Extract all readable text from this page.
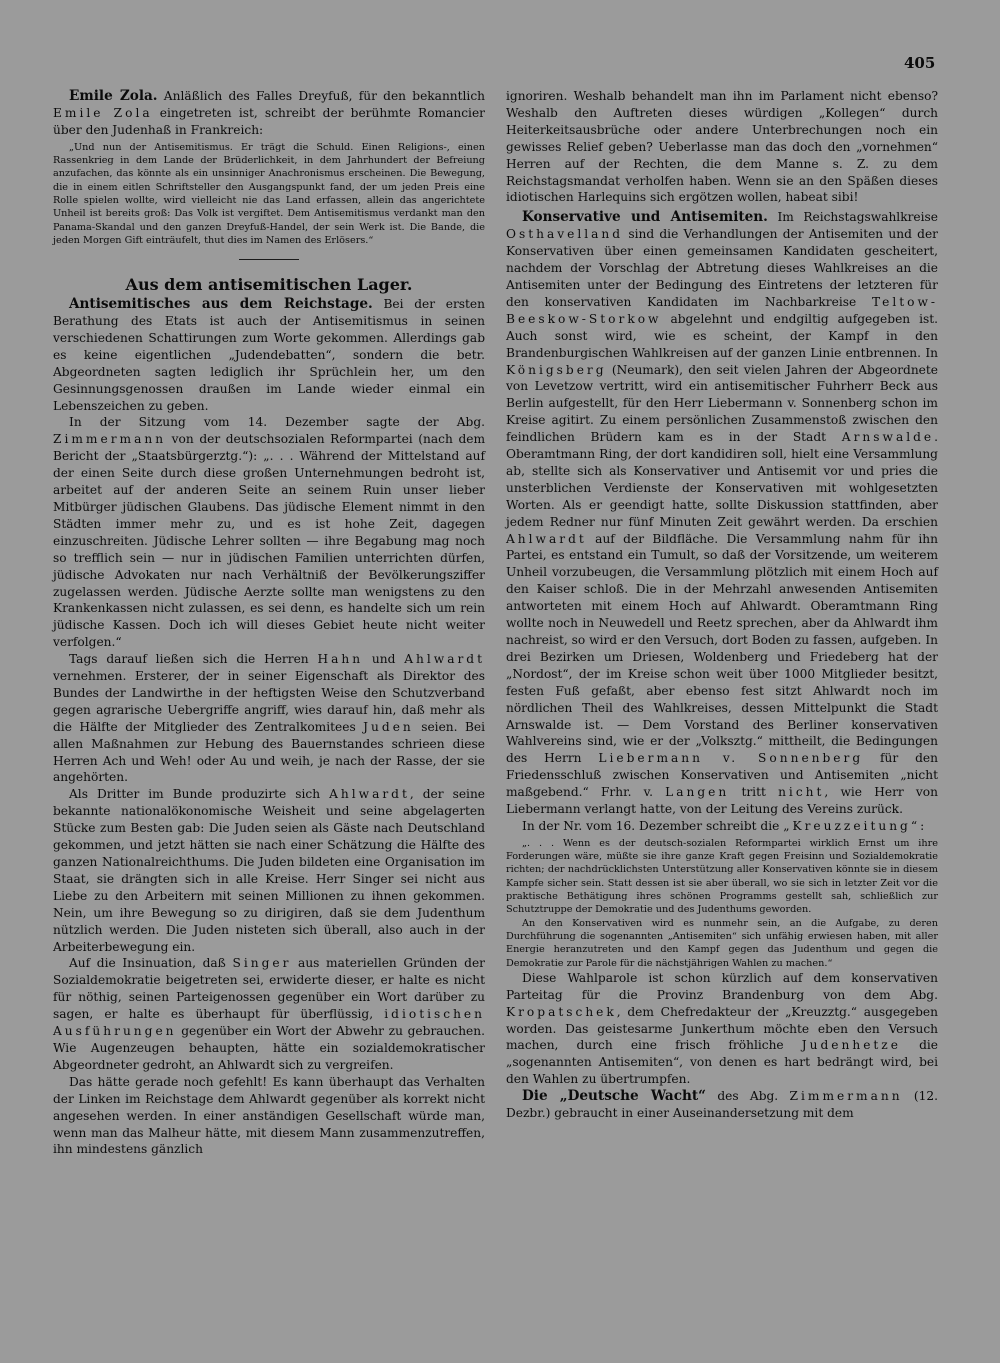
405

Emile Zola. Anläßlich des Falles Dreyfuß, für den bekanntlich Emile Zola eingetreten ist, schreibt der berühmte Romancier über den Judenhaß in Frankreich:

„Und nun der Antisemitismus. Er trägt die Schuld. Einen Religions-, einen Rassenkrieg in dem Lande der Brüderlichkeit, in dem Jahrhundert der Befreiung anzufachen, das könnte als ein unsinniger Anachronismus erscheinen. Die Bewegung, die in einem eitlen Schriftsteller den Ausgangspunkt fand, der um jeden Preis eine Rolle spielen wollte, wird vielleicht nie das Land erfassen, allein das angerichtete Unheil ist bereits groß: Das Volk ist vergiftet. Dem Antisemitismus verdankt man den Panama-Skandal und den ganzen Dreyfuß-Handel, der sein Werk ist. Die Bande, die jeden Morgen Gift einträufelt, thut dies im Namen des Erlösers.“

Aus dem antisemitischen Lager.

Antisemitisches aus dem Reichstage. Bei der ersten Berathung des Etats ist auch der Antisemitismus in seinen verschiedenen Schattirungen zum Worte gekommen. Allerdings gab es keine eigentlichen „Judendebatten“, sondern die betr. Abgeordneten sagten lediglich ihr Sprüchlein her, um den Gesinnungsgenossen draußen im Lande wieder einmal ein Lebenszeichen zu geben.

In der Sitzung vom 14. Dezember sagte der Abg. Zimmermann von der deutschsozialen Reformpartei (nach dem Bericht der „Staatsbürgerztg.“): „. . . Während der Mittelstand auf der einen Seite durch diese großen Unternehmungen bedroht ist, arbeitet auf der anderen Seite an seinem Ruin unser lieber Mitbürger jüdischen Glaubens. Das jüdische Element nimmt in den Städten immer mehr zu, und es ist hohe Zeit, dagegen einzuschreiten. Jüdische Lehrer sollten — ihre Begabung mag noch so trefflich sein — nur in jüdischen Familien unterrichten dürfen, jüdische Advokaten nur nach Verhältniß der Bevölkerungsziffer zugelassen werden. Jüdische Aerzte sollte man wenigstens zu den Krankenkassen nicht zulassen, es sei denn, es handelte sich um rein jüdische Kassen. Doch ich will dieses Gebiet heute nicht weiter verfolgen.“

Tags darauf ließen sich die Herren Hahn und Ahlwardt vernehmen. Ersterer, der in seiner Eigenschaft als Direktor des Bundes der Landwirthe in der heftigsten Weise den Schutzverband gegen agrarische Uebergriffe angriff, wies darauf hin, daß mehr als die Hälfte der Mitglieder des Zentralkomitees Juden seien. Bei allen Maßnahmen zur Hebung des Bauernstandes schrieen diese Herren Ach und Weh! oder Au und weih, je nach der Rasse, der sie angehörten.

Als Dritter im Bunde produzirte sich Ahlwardt, der seine bekannte nationalökonomische Weisheit und seine abgelagerten Stücke zum Besten gab: Die Juden seien als Gäste nach Deutschland gekommen, und jetzt hätten sie nach einer Schätzung die Hälfte des ganzen Nationalreichthums. Die Juden bildeten eine Organisation im Staat, sie drängten sich in alle Kreise. Herr Singer sei nicht aus Liebe zu den Arbeitern mit seinen Millionen zu ihnen gekommen. Nein, um ihre Bewegung so zu dirigiren, daß sie dem Judenthum nützlich werden. Die Juden nisteten sich überall, also auch in der Arbeiterbewegung ein.

Auf die Insinuation, daß Singer aus materiellen Gründen der Sozialdemokratie beigetreten sei, erwiderte dieser, er halte es nicht für nöthig, seinen Parteigenossen gegenüber ein Wort darüber zu sagen, er halte es überhaupt für überflüssig, idiotischen Ausführungen gegenüber ein Wort der Abwehr zu gebrauchen. Wie Augenzeugen behaupten, hätte ein sozialdemokratischer Abgeordneter gedroht, an Ahlwardt sich zu vergreifen.

Das hätte gerade noch gefehlt! Es kann überhaupt das Verhalten der Linken im Reichstage dem Ahlwardt gegenüber als korrekt nicht angesehen werden. In einer anständigen Gesellschaft würde man, wenn man das Malheur hätte, mit diesem Mann zusammenzutreffen, ihn mindestens gänzlich

ignoriren. Weshalb behandelt man ihn im Parlament nicht ebenso? Weshalb den Auftreten dieses würdigen „Kollegen“ durch Heiterkeitsausbrüche oder andere Unterbrechungen noch ein gewisses Relief geben? Ueberlasse man das doch den „vornehmen“ Herren auf der Rechten, die dem Manne s. Z. zu dem Reichstagsmandat verholfen haben. Wenn sie an den Späßen dieses idiotischen Harlequins sich ergötzen wollen, habeat sibi!

Konservative und Antisemiten. Im Reichstagswahlkreise Osthavelland sind die Verhandlungen der Antisemiten und der Konservativen über einen gemeinsamen Kandidaten gescheitert, nachdem der Vorschlag der Abtretung dieses Wahlkreises an die Antisemiten unter der Bedingung des Eintretens der letzteren für den konservativen Kandidaten im Nachbarkreise Teltow-Beeskow-Storkow abgelehnt und endgiltig aufgegeben ist. Auch sonst wird, wie es scheint, der Kampf in den Brandenburgischen Wahlkreisen auf der ganzen Linie entbrennen. In Königsberg (Neumark), den seit vielen Jahren der Abgeordnete von Levetzow vertritt, wird ein antisemitischer Fuhrherr Beck aus Berlin aufgestellt, für den Herr Liebermann v. Sonnenberg schon im Kreise agitirt. Zu einem persönlichen Zusammenstoß zwischen den feindlichen Brüdern kam es in der Stadt Arnswalde. Oberamtmann Ring, der dort kandidiren soll, hielt eine Versammlung ab, stellte sich als Konservativer und Antisemit vor und pries die unsterblichen Verdienste der Konservativen mit wohlgesetzten Worten. Als er geendigt hatte, sollte Diskussion stattfinden, aber jedem Redner nur fünf Minuten Zeit gewährt werden. Da erschien Ahlwardt auf der Bildfläche. Die Versammlung nahm für ihn Partei, es entstand ein Tumult, so daß der Vorsitzende, um weiterem Unheil vorzubeugen, die Versammlung plötzlich mit einem Hoch auf den Kaiser schloß. Die in der Mehrzahl anwesenden Antisemiten antworteten mit einem Hoch auf Ahlwardt. Oberamtmann Ring wollte noch in Neuwedell und Reetz sprechen, aber da Ahlwardt ihm nachreist, so wird er den Versuch, dort Boden zu fassen, aufgeben. In drei Bezirken um Driesen, Woldenberg und Friedeberg hat der „Nordost“, der im Kreise schon weit über 1000 Mitglieder besitzt, festen Fuß gefaßt, aber ebenso fest sitzt Ahlwardt noch im nördlichen Theil des Wahlkreises, dessen Mittelpunkt die Stadt Arnswalde ist. — Dem Vorstand des Berliner konservativen Wahlvereins sind, wie er der „Volksztg.“ mittheilt, die Bedingungen des Herrn Liebermann v. Sonnenberg für den Friedensschluß zwischen Konservativen und Antisemiten „nicht maßgebend.“ Frhr. v. Langen tritt nicht, wie Herr von Liebermann verlangt hatte, von der Leitung des Vereins zurück.

In der Nr. vom 16. Dezember schreibt die „Kreuzzeitung“:

„. . . Wenn es der deutsch-sozialen Reformpartei wirklich Ernst um ihre Forderungen wäre, müßte sie ihre ganze Kraft gegen Freisinn und Sozialdemokratie richten; der nachdrücklichsten Unterstützung aller Konservativen könnte sie in diesem Kampfe sicher sein. Statt dessen ist sie aber überall, wo sie sich in letzter Zeit vor die praktische Bethätigung ihres schönen Programms gestellt sah, schließlich zur Schutztruppe der Demokratie und des Judenthums geworden.

An den Konservativen wird es nunmehr sein, an die Aufgabe, zu deren Durchführung die sogenannten „Antisemiten“ sich unfähig erwiesen haben, mit aller Energie heranzutreten und den Kampf gegen das Judenthum und gegen die Demokratie zur Parole für die nächstjährigen Wahlen zu machen.“

Diese Wahlparole ist schon kürzlich auf dem konservativen Parteitag für die Provinz Brandenburg von dem Abg. Kropatschek, dem Chefredakteur der „Kreuzztg.“ ausgegeben worden. Das geistesarme Junkerthum möchte eben den Versuch machen, durch eine frisch fröhliche Judenhetze die „sogenannten Antisemiten“, von denen es hart bedrängt wird, bei den Wahlen zu übertrumpfen.

Die „Deutsche Wacht“ des Abg. Zimmermann (12. Dezbr.) gebraucht in einer Auseinandersetzung mit dem
